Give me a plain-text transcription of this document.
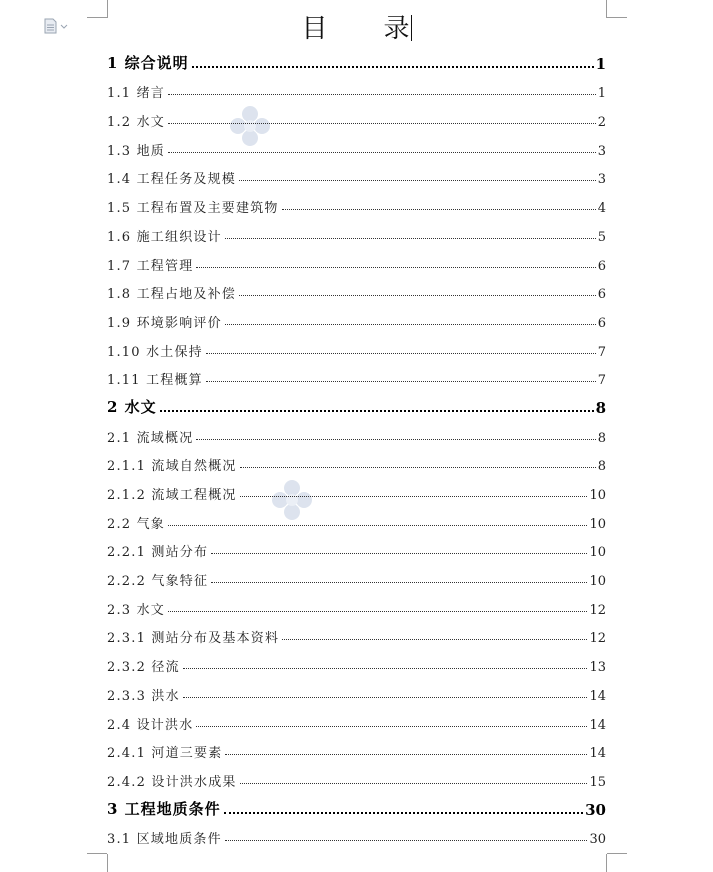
目 录
1 综合说明	1
1.1 绪言	1
1.2 水文	2
1.3 地质	3
1.4 工程任务及规模	3
1.5 工程布置及主要建筑物	4
1.6 施工组织设计	5
1.7 工程管理	6
1.8 工程占地及补偿	6
1.9 环境影响评价	6
1.10 水土保持	7
1.11 工程概算	7
2 水文	8
2.1 流域概况	8
2.1.1 流域自然概况	8
2.1.2 流域工程概况	10
2.2 气象	10
2.2.1 测站分布	10
2.2.2 气象特征	10
2.3 水文	12
2.3.1 测站分布及基本资料	12
2.3.2 径流	13
2.3.3 洪水	14
2.4 设计洪水	14
2.4.1 河道三要素	14
2.4.2 设计洪水成果	15
3 工程地质条件	30
3.1 区域地质条件	30
